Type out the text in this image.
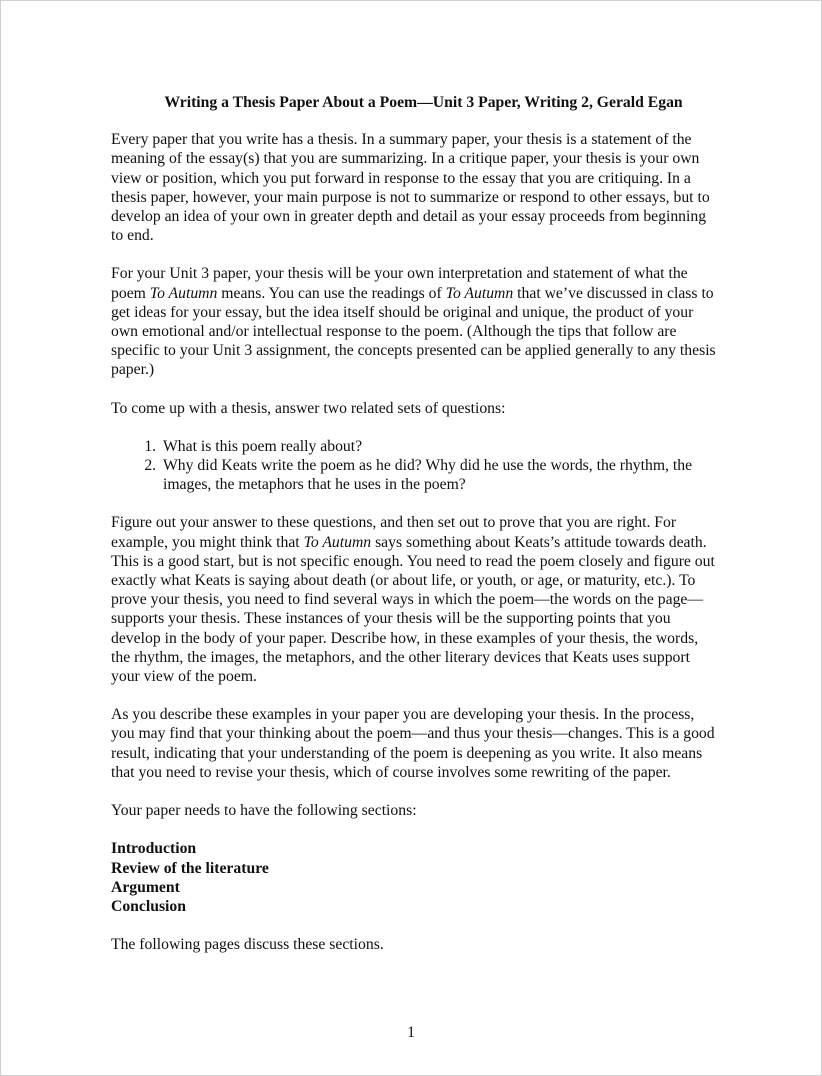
Writing a Thesis Paper About a Poem—Unit 3 Paper, Writing 2, Gerald Egan

Every paper that you write has a thesis. In a summary paper, your thesis is a statement of the meaning of the essay(s) that you are summarizing. In a critique paper, your thesis is your own view or position, which you put forward in response to the essay that you are critiquing. In a thesis paper, however, your main purpose is not to summarize or respond to other essays, but to develop an idea of your own in greater depth and detail as your essay proceeds from beginning to end.

For your Unit 3 paper, your thesis will be your own interpretation and statement of what the poem To Autumn means. You can use the readings of To Autumn that we’ve discussed in class to get ideas for your essay, but the idea itself should be original and unique, the product of your own emotional and/or intellectual response to the poem. (Although the tips that follow are specific to your Unit 3 assignment, the concepts presented can be applied generally to any thesis paper.)

To come up with a thesis, answer two related sets of questions:

1. What is this poem really about?
2. Why did Keats write the poem as he did? Why did he use the words, the rhythm, the images, the metaphors that he uses in the poem?

Figure out your answer to these questions, and then set out to prove that you are right. For example, you might think that To Autumn says something about Keats’s attitude towards death. This is a good start, but is not specific enough. You need to read the poem closely and figure out exactly what Keats is saying about death (or about life, or youth, or age, or maturity, etc.). To prove your thesis, you need to find several ways in which the poem—the words on the page—supports your thesis. These instances of your thesis will be the supporting points that you develop in the body of your paper. Describe how, in these examples of your thesis, the words, the rhythm, the images, the metaphors, and the other literary devices that Keats uses support your view of the poem.

As you describe these examples in your paper you are developing your thesis. In the process, you may find that your thinking about the poem—and thus your thesis—changes. This is a good result, indicating that your understanding of the poem is deepening as you write. It also means that you need to revise your thesis, which of course involves some rewriting of the paper.

Your paper needs to have the following sections:

Introduction
Review of the literature
Argument
Conclusion

The following pages discuss these sections.

1
